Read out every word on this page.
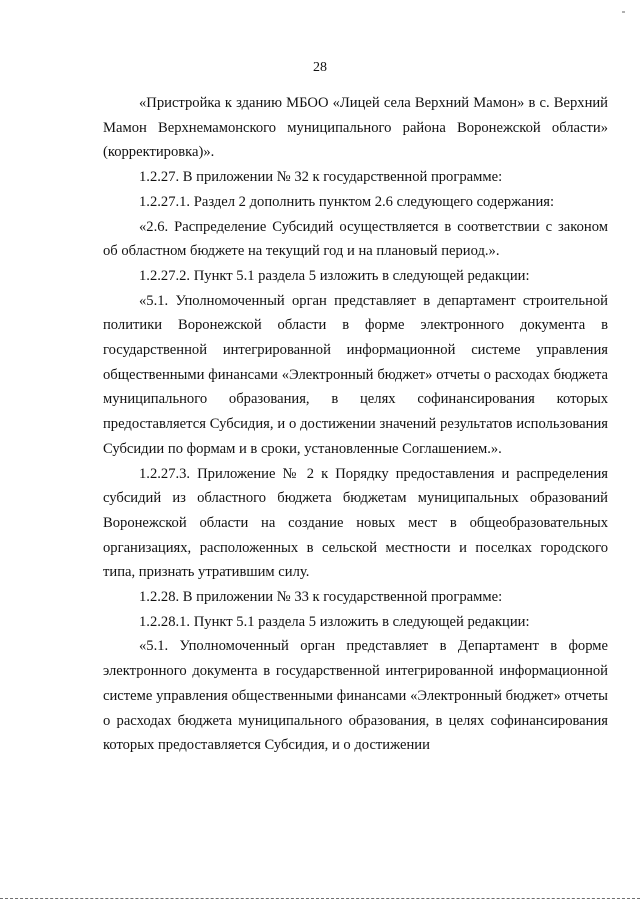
28

«Пристройка к зданию МБОО «Лицей села Верхний Мамон» в с. Верхний Мамон Верхнемамонского муниципального района Воронежской области» (корректировка)».

1.2.27. В приложении № 32 к государственной программе:

1.2.27.1. Раздел 2 дополнить пунктом 2.6 следующего содержания:

«2.6. Распределение Субсидий осуществляется в соответствии с законом об областном бюджете на текущий год и на плановый период.».

1.2.27.2. Пункт 5.1 раздела 5 изложить в следующей редакции:

«5.1. Уполномоченный орган представляет в департамент строительной политики Воронежской области в форме электронного документа в государственной интегрированной информационной системе управления общественными финансами «Электронный бюджет» отчеты о расходах бюджета муниципального образования, в целях софинансирования которых предоставляется Субсидия, и о достижении значений результатов использования Субсидии по формам и в сроки, установленные Соглашением.».

1.2.27.3. Приложение № 2 к Порядку предоставления и распределения субсидий из областного бюджета бюджетам муниципальных образований Воронежской области на создание новых мест в общеобразовательных организациях, расположенных в сельской местности и поселках городского типа, признать утратившим силу.

1.2.28. В приложении № 33 к государственной программе:

1.2.28.1. Пункт 5.1 раздела 5 изложить в следующей редакции:

«5.1. Уполномоченный орган представляет в Департамент в форме электронного документа в государственной интегрированной информационной системе управления общественными финансами «Электронный бюджет» отчеты о расходах бюджета муниципального образования, в целях софинансирования которых предоставляется Субсидия, и о достижении
